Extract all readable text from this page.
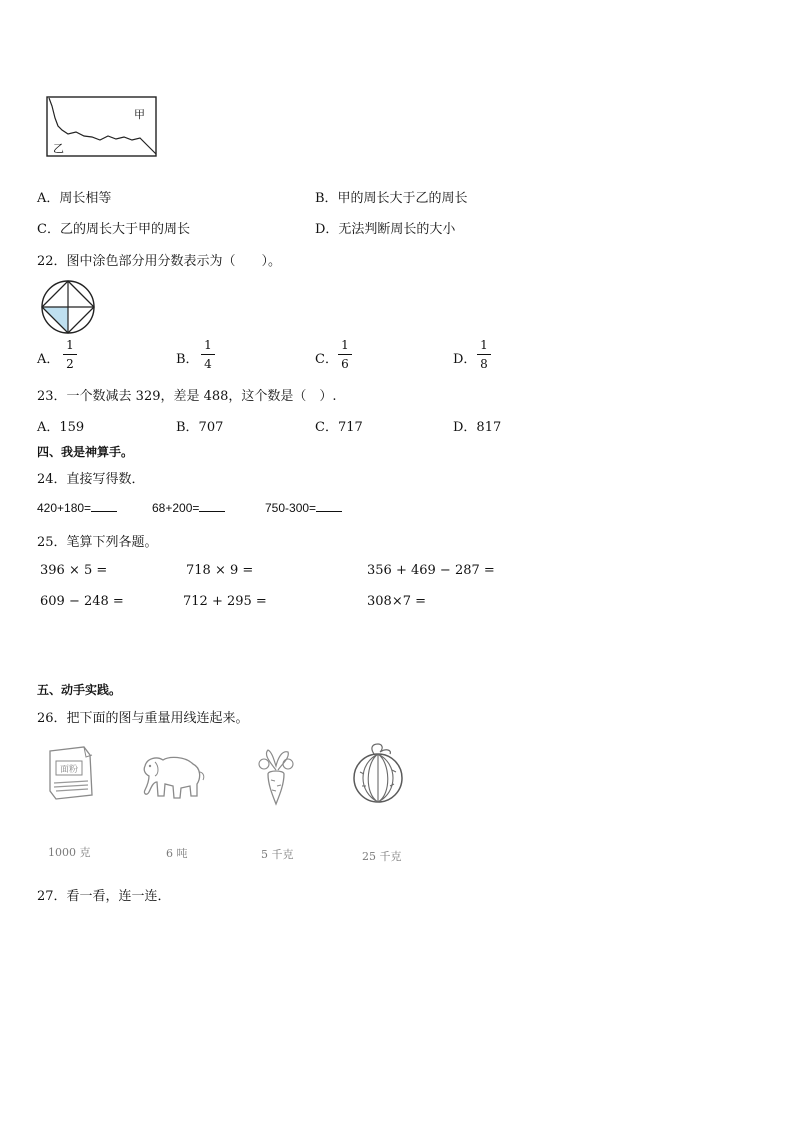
甲
乙
A．周长相等	B．甲的周长大于乙的周长
C．乙的周长大于甲的周长	D．无法判断周长的大小
22．图中涂色部分用分数表示为（　　）。
A．
1
2	B．
1
4	C．
1
6	D．
1
8
23．一个数减去 329，差是 488，这个数是（　）.
A．159	B．707	C．717	D．817
四、我是神算手。
24．直接写得数．
420+180=	68+200=	750-300=
25．笔算下列各题。
396 × 5 =	718 × 9 =	356 + 469 − 287 =
609 − 248 =	712 + 295 =	308×7 =
五、动手实践。
26．把下面的图与重量用线连起来。
面粉
1000 克	6 吨	5 千克	25 千克
27．看一看，连一连．
